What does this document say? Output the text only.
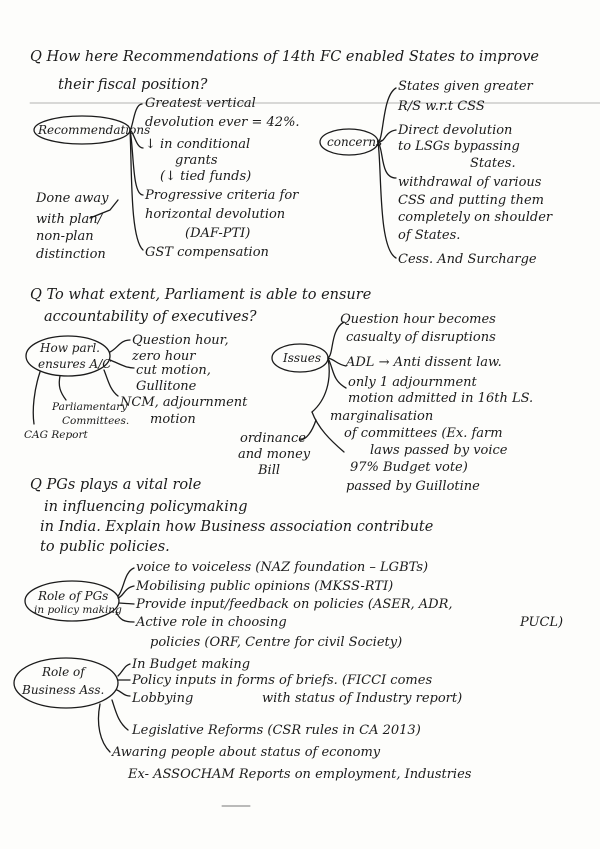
Q How here Recommendations of 14th FC enabled States to improve
their fiscal position?
Recommendations
Greatest vertical
devolution ever = 42%.
↓ in conditional
grants
(↓ tied funds)
Progressive criteria for
horizontal devolution
(DAF-PTI)
GST compensation
Done away
with plan/
non-plan
distinction
concerns
States given greater
R/S w.r.t CSS
Direct devolution
to LSGs bypassing
States.
withdrawal of various
CSS and putting them
completely on shoulder
of States.
Cess. And Surcharge
Q To what extent, Parliament is able to ensure
accountability of executives?
How parl.
ensures A/C
Question hour,
zero hour
cut motion,
Gullitone
NCM, adjournment
motion
Parliamentary
Committees.
CAG Report
Issues
Question hour becomes
casualty of disruptions
ADL → Anti dissent law.
only 1 adjournment
motion admitted in 16th LS.
marginalisation
of committees (Ex. farm
laws passed by voice
97% Budget vote)
passed by Guillotine
ordinance
and money
Bill
Q PGs plays a vital role
in influencing policymaking
in India. Explain how Business association contribute
to public policies.
Role of PGs
in policy making
voice to voiceless (NAZ foundation – LGBTs)
Mobilising public opinions (MKSS-RTI)
Provide input/feedback on policies (ASER, ADR,
PUCL)
Active role in choosing
policies (ORF, Centre for civil Society)
Role of
Business Ass.
In Budget making
Policy inputs in forms of briefs. (FICCI comes
with status of Industry report)
Lobbying
Legislative Reforms (CSR rules in CA 2013)
Awaring people about status of economy
Ex- ASSOCHAM Reports on employment, Industries
